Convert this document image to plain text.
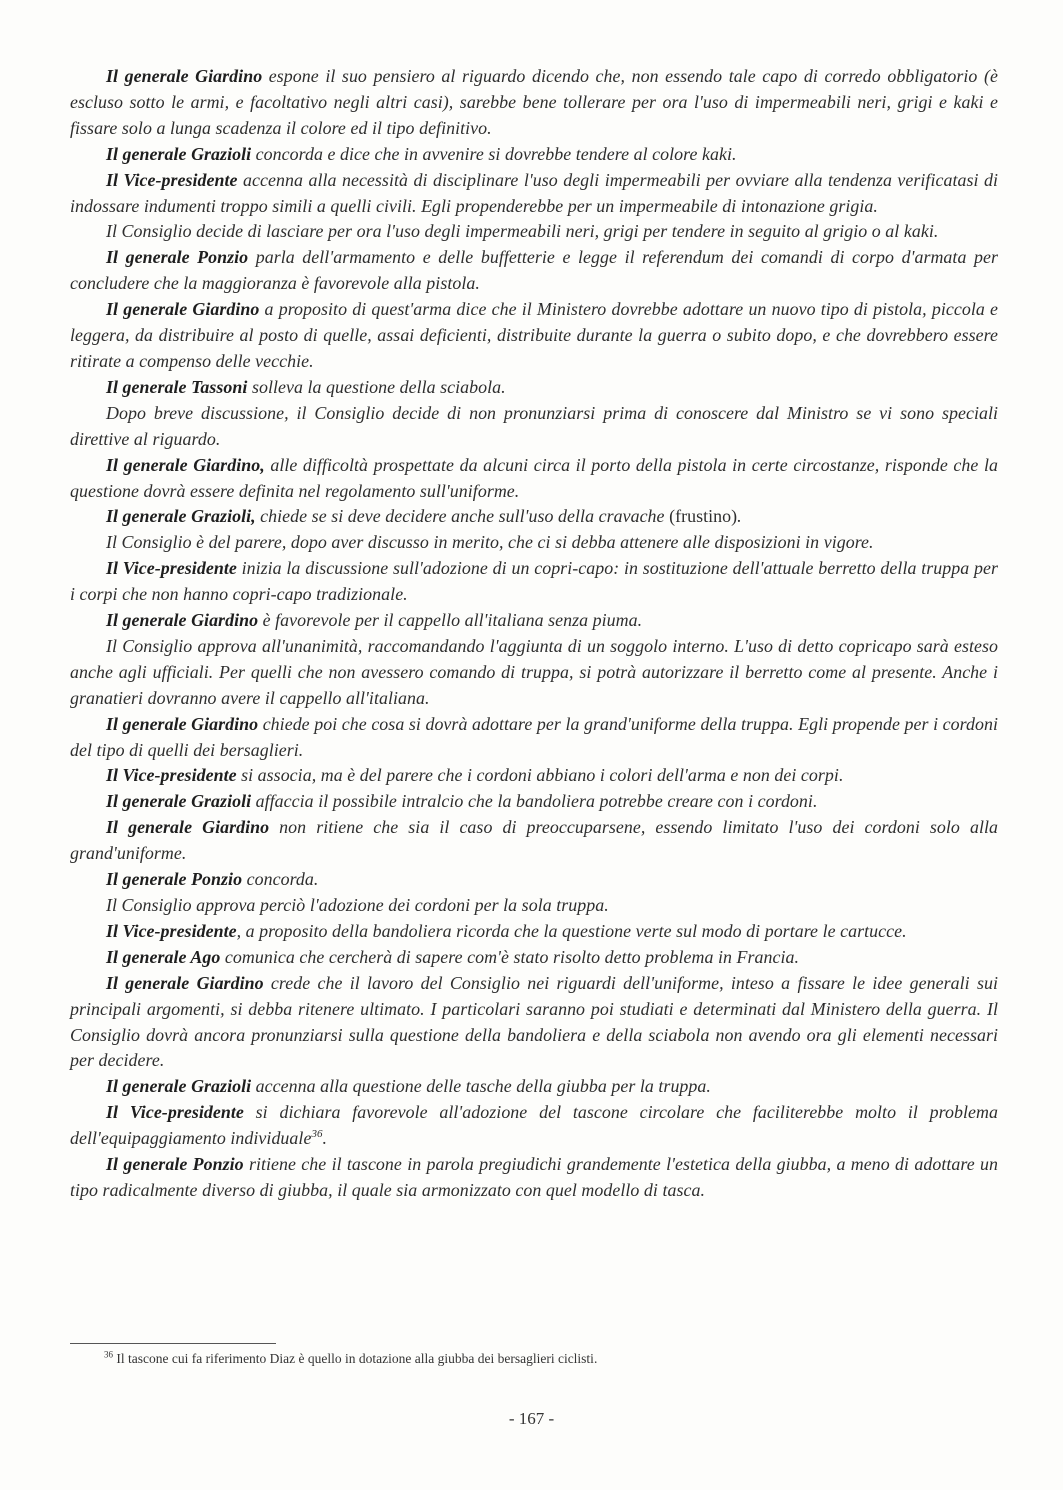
Il generale Giardino espone il suo pensiero al riguardo dicendo che, non essendo tale capo di corredo obbligatorio (è escluso sotto le armi, e facoltativo negli altri casi), sarebbe bene tollerare per ora l'uso di impermeabili neri, grigi e kaki e fissare solo a lunga scadenza il colore ed il tipo definitivo.

Il generale Grazioli concorda e dice che in avvenire si dovrebbe tendere al colore kaki.

Il Vice-presidente accenna alla necessità di disciplinare l'uso degli impermeabili per ovviare alla tendenza verificatasi di indossare indumenti troppo simili a quelli civili. Egli propenderebbe per un impermeabile di intonazione grigia.

Il Consiglio decide di lasciare per ora l'uso degli impermeabili neri, grigi per tendere in seguito al grigio o al kaki.

Il generale Ponzio parla dell'armamento e delle buffetterie e legge il referendum dei comandi di corpo d'armata per concludere che la maggioranza è favorevole alla pistola.

Il generale Giardino a proposito di quest'arma dice che il Ministero dovrebbe adottare un nuovo tipo di pistola, piccola e leggera, da distribuire al posto di quelle, assai deficienti, distribuite durante la guerra o subito dopo, e che dovrebbero essere ritirate a compenso delle vecchie.

Il generale Tassoni solleva la questione della sciabola.

Dopo breve discussione, il Consiglio decide di non pronunziarsi prima di conoscere dal Ministro se vi sono speciali direttive al riguardo.

Il generale Giardino, alle difficoltà prospettate da alcuni circa il porto della pistola in certe circostanze, risponde che la questione dovrà essere definita nel regolamento sull'uniforme.

Il generale Grazioli, chiede se si deve decidere anche sull'uso della cravache (frustino).

Il Consiglio è del parere, dopo aver discusso in merito, che ci si debba attenere alle disposizioni in vigore.

Il Vice-presidente inizia la discussione sull'adozione di un copri-capo: in sostituzione dell'attuale berretto della truppa per i corpi che non hanno copri-capo tradizionale.

Il generale Giardino è favorevole per il cappello all'italiana senza piuma.

Il Consiglio approva all'unanimità, raccomandando l'aggiunta di un soggolo interno. L'uso di detto copricapo sarà esteso anche agli ufficiali. Per quelli che non avessero comando di truppa, si potrà autorizzare il berretto come al presente. Anche i granatieri dovranno avere il cappello all'italiana.

Il generale Giardino chiede poi che cosa si dovrà adottare per la grand'uniforme della truppa. Egli propende per i cordoni del tipo di quelli dei bersaglieri.

Il Vice-presidente si associa, ma è del parere che i cordoni abbiano i colori dell'arma e non dei corpi.

Il generale Grazioli affaccia il possibile intralcio che la bandoliera potrebbe creare con i cordoni.

Il generale Giardino non ritiene che sia il caso di preoccuparsene, essendo limitato l'uso dei cordoni solo alla grand'uniforme.

Il generale Ponzio concorda.

Il Consiglio approva perciò l'adozione dei cordoni per la sola truppa.

Il Vice-presidente, a proposito della bandoliera ricorda che la questione verte sul modo di portare le cartucce.

Il generale Ago comunica che cercherà di sapere com'è stato risolto detto problema in Francia.

Il generale Giardino crede che il lavoro del Consiglio nei riguardi dell'uniforme, inteso a fissare le idee generali sui principali argomenti, si debba ritenere ultimato. I particolari saranno poi studiati e determinati dal Ministero della guerra. Il Consiglio dovrà ancora pronunziarsi sulla questione della bandoliera e della sciabola non avendo ora gli elementi necessari per decidere.

Il generale Grazioli accenna alla questione delle tasche della giubba per la truppa.

Il Vice-presidente si dichiara favorevole all'adozione del tascone circolare che faciliterebbe molto il problema dell'equipaggiamento individuale$^{36}$.

Il generale Ponzio ritiene che il tascone in parola pregiudichi grandemente l'estetica della giubba, a meno di adottare un tipo radicalmente diverso di giubba, il quale sia armonizzato con quel modello di tasca.

$^{36}$ Il tascone cui fa riferimento Diaz è quello in dotazione alla giubba dei bersaglieri ciclisti.
- 167 -
